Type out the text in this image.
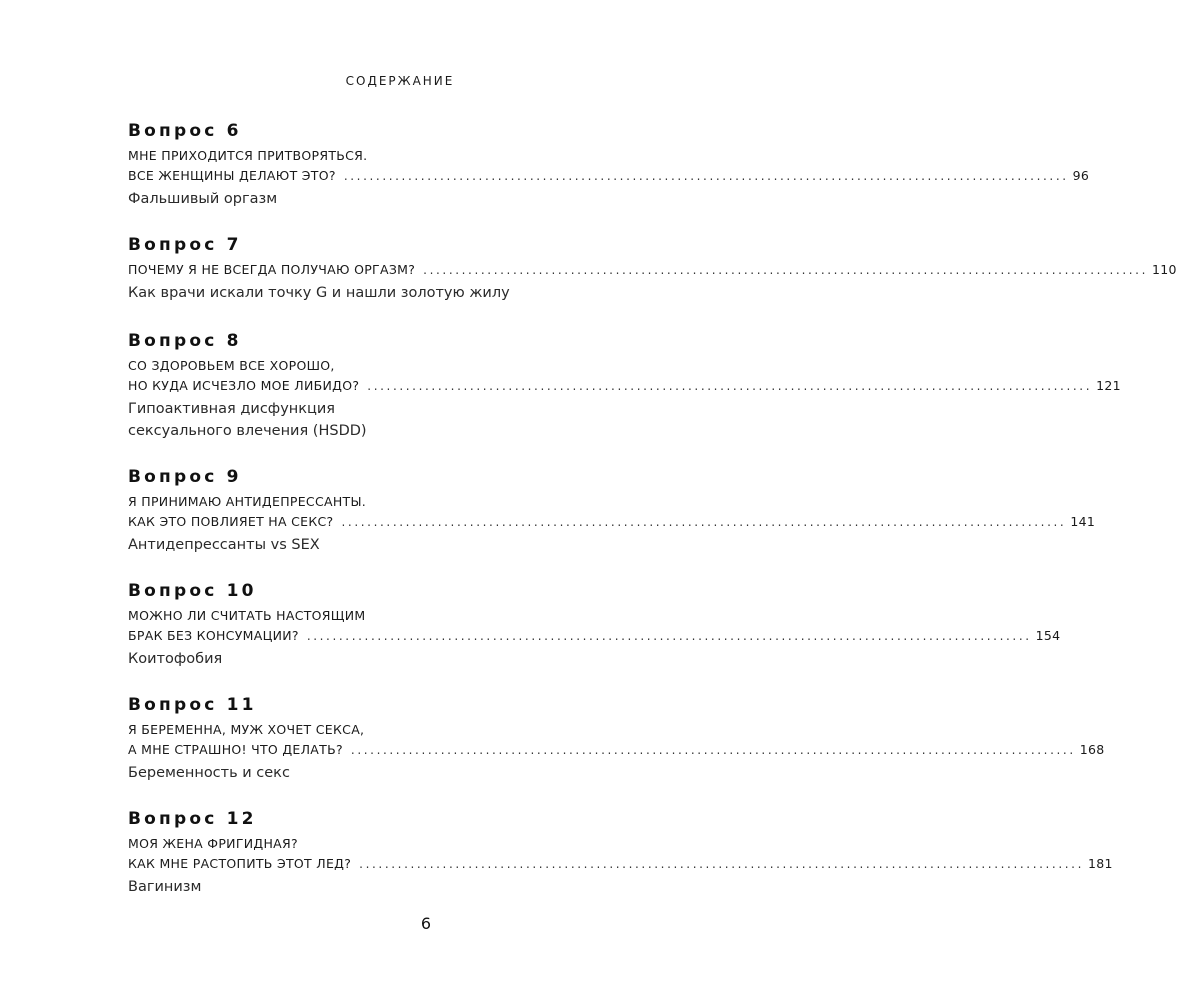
СОДЕРЖАНИЕ
Вопрос 6
МНЕ ПРИХОДИТСЯ ПРИТВОРЯТЬСЯ.
ВСЕ ЖЕНЩИНЫ ДЕЛАЮТ ЭТО? ................................................................................................................. 96
Фальшивый оргазм
Вопрос 7
ПОЧЕМУ Я НЕ ВСЕГДА ПОЛУЧАЮ ОРГАЗМ? ................................................................................................................. 110
Как врачи искали точку G и нашли золотую жилу
Вопрос 8
СО ЗДОРОВЬЕМ ВСЕ ХОРОШО,
НО КУДА ИСЧЕЗЛО МОЕ ЛИБИДО? ................................................................................................................. 121
Гипоактивная дисфункция
сексуального влечения (HSDD)
Вопрос 9
Я ПРИНИМАЮ АНТИДЕПРЕССАНТЫ.
КАК ЭТО ПОВЛИЯЕТ НА СЕКС? ................................................................................................................. 141
Антидепрессанты vs SEX
Вопрос 10
МОЖНО ЛИ СЧИТАТЬ НАСТОЯЩИМ
БРАК БЕЗ КОНСУМАЦИИ? ................................................................................................................. 154
Коитофобия
Вопрос 11
Я БЕРЕМЕННА, МУЖ ХОЧЕТ СЕКСА,
А МНЕ СТРАШНО! ЧТО ДЕЛАТЬ? ................................................................................................................. 168
Беременность и секс
Вопрос 12
МОЯ ЖЕНА ФРИГИДНАЯ?
КАК МНЕ РАСТОПИТЬ ЭТОТ ЛЕД? ................................................................................................................. 181
Вагинизм
6
